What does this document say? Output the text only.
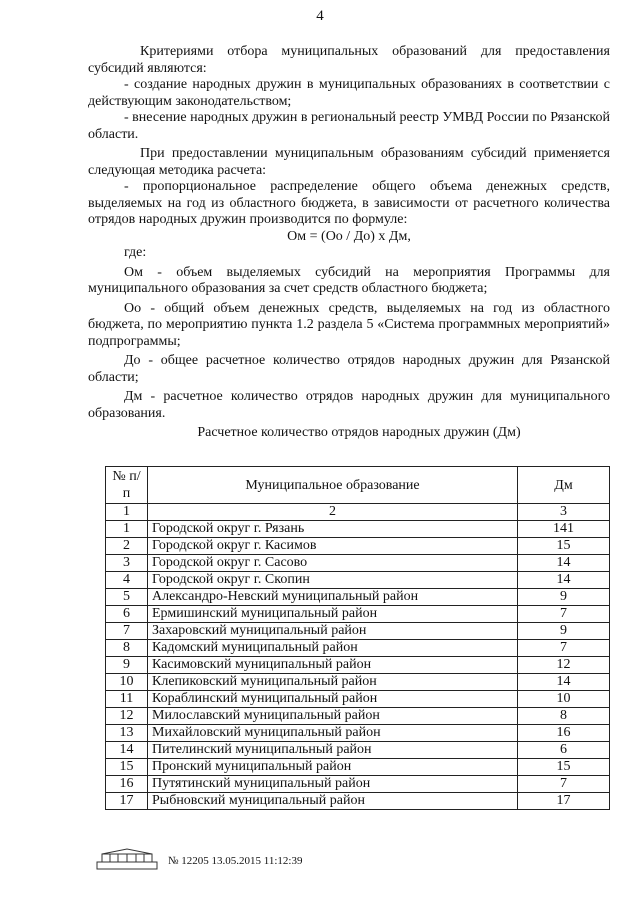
4

Критериями отбора муниципальных образований для предоставления субсидий являются:

- создание народных дружин в муниципальных образованиях в соответствии с действующим законодательством;

- внесение народных дружин в региональный реестр УМВД России по Рязанской области.

При предоставлении муниципальным образованиям субсидий применяется следующая методика расчета:

- пропорциональное распределение общего объема денежных средств, выделяемых на год из областного бюджета, в зависимости от расчетного количества отрядов народных дружин производится по формуле:

Ом = (Оо / До) х Дм,

где:

Ом - объем выделяемых субсидий на мероприятия Программы для муниципального образования за счет средств областного бюджета;

Оо - общий объем денежных средств, выделяемых на год из областного бюджета, по мероприятию пункта 1.2 раздела 5 «Система программных мероприятий» подпрограммы;

До - общее расчетное количество отрядов народных дружин для Рязанской области;

Дм - расчетное количество отрядов народных дружин для муниципального образования.

Расчетное количество отрядов народных дружин (Дм)

№ п/п	Муниципальное образование	Дм
1	2	3
1	Городской округ г. Рязань	141
2	Городской округ г. Касимов	15
3	Городской округ г. Сасово	14
4	Городской округ г. Скопин	14
5	Александро-Невский муниципальный район	9
6	Ермишинский муниципальный район	7
7	Захаровский муниципальный район	9
8	Кадомский муниципальный район	7
9	Касимовский муниципальный район	12
10	Клепиковский муниципальный район	14
11	Кораблинский муниципальный район	10
12	Милославский муниципальный район	8
13	Михайловский муниципальный район	16
14	Пителинский муниципальный район	6
15	Пронский муниципальный район	15
16	Путятинский муниципальный район	7
17	Рыбновский муниципальный район	17
№ 12205 13.05.2015 11:12:39
